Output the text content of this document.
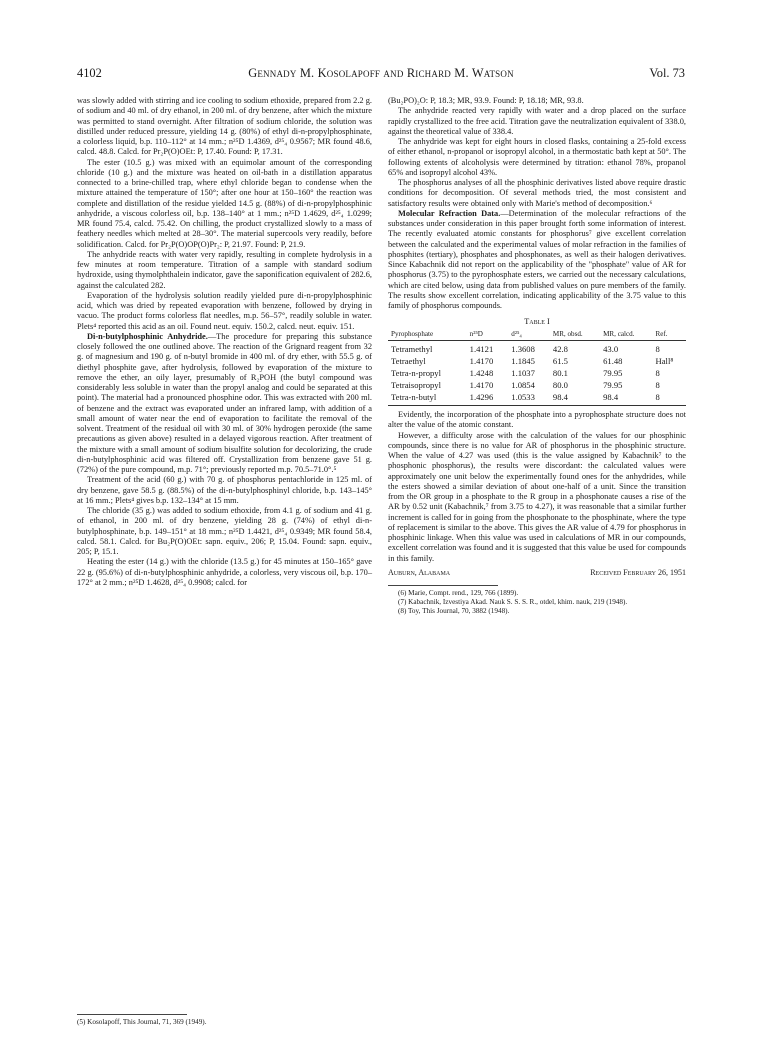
4102	Gennady M. Kosolapoff and Richard M. Watson	Vol. 73

was slowly added with stirring and ice cooling to sodium ethoxide, prepared from 2.2 g. of sodium and 40 ml. of dry ethanol, in 200 ml. of dry benzene, after which the mixture was permitted to stand overnight. After filtration of sodium chloride, the solution was distilled under reduced pressure, yielding 14 g. (80%) of ethyl di-n-propylphosphinate, a colorless liquid, b.p. 110–112° at 14 mm.; n²⁵D 1.4369, d²⁵₄ 0.9567; MR found 48.6, calcd. 48.8. Calcd. for Pr₂P(O)OEt: P, 17.40. Found: P, 17.31.

The ester (10.5 g.) was mixed with an equimolar amount of the corresponding chloride (10 g.) and the mixture was heated on oil-bath in a distillation apparatus connected to a brine-chilled trap, where ethyl chloride began to condense when the mixture attained the temperature of 150°; after one hour at 150–160° the reaction was complete and distillation of the residue yielded 14.5 g. (88%) of di-n-propylphosphinic anhydride, a viscous colorless oil, b.p. 138–140° at 1 mm.; n²⁵D 1.4629, d²⁵₄ 1.0299; MR found 75.4, calcd. 75.42. On chilling, the product crystallized slowly to a mass of feathery needles which melted at 28–30°. The material supercools very readily, before solidification. Calcd. for Pr₂P(O)OP(O)Pr₂: P, 21.97. Found: P, 21.9.

The anhydride reacts with water very rapidly, resulting in complete hydrolysis in a few minutes at room temperature. Titration of a sample with standard sodium hydroxide, using thymolphthalein indicator, gave the saponification equivalent of 282.6, against the calculated 282.

Evaporation of the hydrolysis solution readily yielded pure di-n-propylphosphinic acid, which was dried by repeated evaporation with benzene, followed by drying in vacuo. The product forms colorless flat needles, m.p. 56–57°, readily soluble in water. Plets⁴ reported this acid as an oil. Found neut. equiv. 150.2, calcd. neut. equiv. 151.

Di-n-butylphosphinic Anhydride.—The procedure for preparing this substance closely followed the one outlined above. The reaction of the Grignard reagent from 32 g. of magnesium and 190 g. of n-butyl bromide in 400 ml. of dry ether, with 55.5 g. of diethyl phosphite gave, after hydrolysis, followed by evaporation of the mixture to remove the ether, an oily layer, presumably of R₂POH (the butyl compound was considerably less soluble in water than the propyl analog and could be separated at this point). The material had a pronounced phosphine odor. This was extracted with 200 ml. of benzene and the extract was evaporated under an infrared lamp, with addition of a small amount of water near the end of evaporation to facilitate the removal of the solvent. Treatment of the residual oil with 30 ml. of 30% hydrogen peroxide (the same precautions as given above) resulted in a delayed vigorous reaction. After treatment of the mixture with a small amount of sodium bisulfite solution for decolorizing, the crude di-n-butylphosphinic acid was filtered off. Crystallization from benzene gave 51 g. (72%) of the pure compound, m.p. 71°; previously reported m.p. 70.5–71.0°.⁵

Treatment of the acid (60 g.) with 70 g. of phosphorus pentachloride in 125 ml. of dry benzene, gave 58.5 g. (88.5%) of the di-n-butylphosphinyl chloride, b.p. 143–145° at 16 mm.; Plets⁴ gives b.p. 132–134° at 15 mm.

The chloride (35 g.) was added to sodium ethoxide, from 4.1 g. of sodium and 41 g. of ethanol, in 200 ml. of dry benzene, yielding 28 g. (74%) of ethyl di-n-butylphosphinate, b.p. 149–151° at 18 mm.; n²⁵D 1.4421, d²⁵₄ 0.9349; MR found 58.4, calcd. 58.1. Calcd. for Bu₂P(O)OEt: sapn. equiv., 206; P, 15.04. Found: sapn. equiv., 205; P, 15.1.

Heating the ester (14 g.) with the chloride (13.5 g.) for 45 minutes at 150–165° gave 22 g. (95.6%) of di-n-butylphosphinic anhydride, a colorless, very viscous oil, b.p. 170–172° at 2 mm.; n²⁵D 1.4628, d²⁵₄ 0.9908; calcd. for

(5) Kosolapoff, This Journal, 71, 369 (1949).

(Bu₂PO)₂O: P, 18.3; MR, 93.9. Found: P, 18.18; MR, 93.8.

The anhydride reacted very rapidly with water and a drop placed on the surface rapidly crystallized to the free acid. Titration gave the neutralization equivalent of 338.0, against the theoretical value of 338.4.

The anhydride was kept for eight hours in closed flasks, containing a 25-fold excess of either ethanol, n-propanol or isopropyl alcohol, in a thermostatic bath kept at 50°. The following extents of alcoholysis were determined by titration: ethanol 78%, propanol 65% and isopropyl alcohol 43%.

The phosphorus analyses of all the phosphinic derivatives listed above require drastic conditions for decomposition. Of several methods tried, the most consistent and satisfactory results were obtained only with Marie's method of decomposition.⁶

Molecular Refraction Data.—Determination of the molecular refractions of the substances under consideration in this paper brought forth some information of interest. The recently evaluated atomic constants for phosphorus⁷ give excellent correlation between the calculated and the experimental values of molar refraction in the families of phosphites (tertiary), phosphates and phosphonates, as well as their halogen derivatives. Since Kabachnik did not report on the applicability of the "phosphate" value of AR for phosphorus (3.75) to the pyrophosphate esters, we carried out the necessary calculations, which are cited below, using data from published values on pure members of the family. The results show excellent correlation, indicating applicability of the 3.75 value to this family of phosphorus compounds.

Table I
Pyrophosphate	n²⁵D	d²⁵₄	MR, obsd.	MR, calcd.	Ref.
Tetramethyl	1.4121	1.3608	42.8	43.0	8
Tetraethyl	1.4170	1.1845	61.5	61.48	Hall⁸
Tetra-n-propyl	1.4248	1.1037	80.1	79.95	8
Tetraisopropyl	1.4170	1.0854	80.0	79.95	8
Tetra-n-butyl	1.4296	1.0533	98.4	98.4	8

Evidently, the incorporation of the phosphate into a pyrophosphate structure does not alter the value of the atomic constant.

However, a difficulty arose with the calculation of the values for our phosphinic compounds, since there is no value for AR of phosphorus in the phosphinic structure. When the value of 4.27 was used (this is the value assigned by Kabachnik⁷ to the phosphonic phosphorus), the results were discordant: the calculated values were approximately one unit below the experimentally found ones for the anhydrides, while the esters showed a similar deviation of about one-half of a unit. Since the transition from the OR group in a phosphate to the R group in a phosphonate causes a rise of the AR by 0.52 unit (Kabachnik,⁷ from 3.75 to 4.27), it was reasonable that a similar further increment is called for in going from the phosphonate to the phosphinate, where the type of replacement is similar to the above. This gives the AR value of 4.79 for phosphorus in phosphinic linkage. When this value was used in calculations of MR in our compounds, excellent correlation was found and it is suggested that this value be used for compounds in this family.

Auburn, Alabama	Received February 26, 1951

(6) Marie, Compt. rend., 129, 766 (1899).

(7) Kabachnik, Izvestiya Akad. Nauk S. S. S. R., otdel, khim. nauk, 219 (1948).

(8) Toy, This Journal, 70, 3882 (1948).
